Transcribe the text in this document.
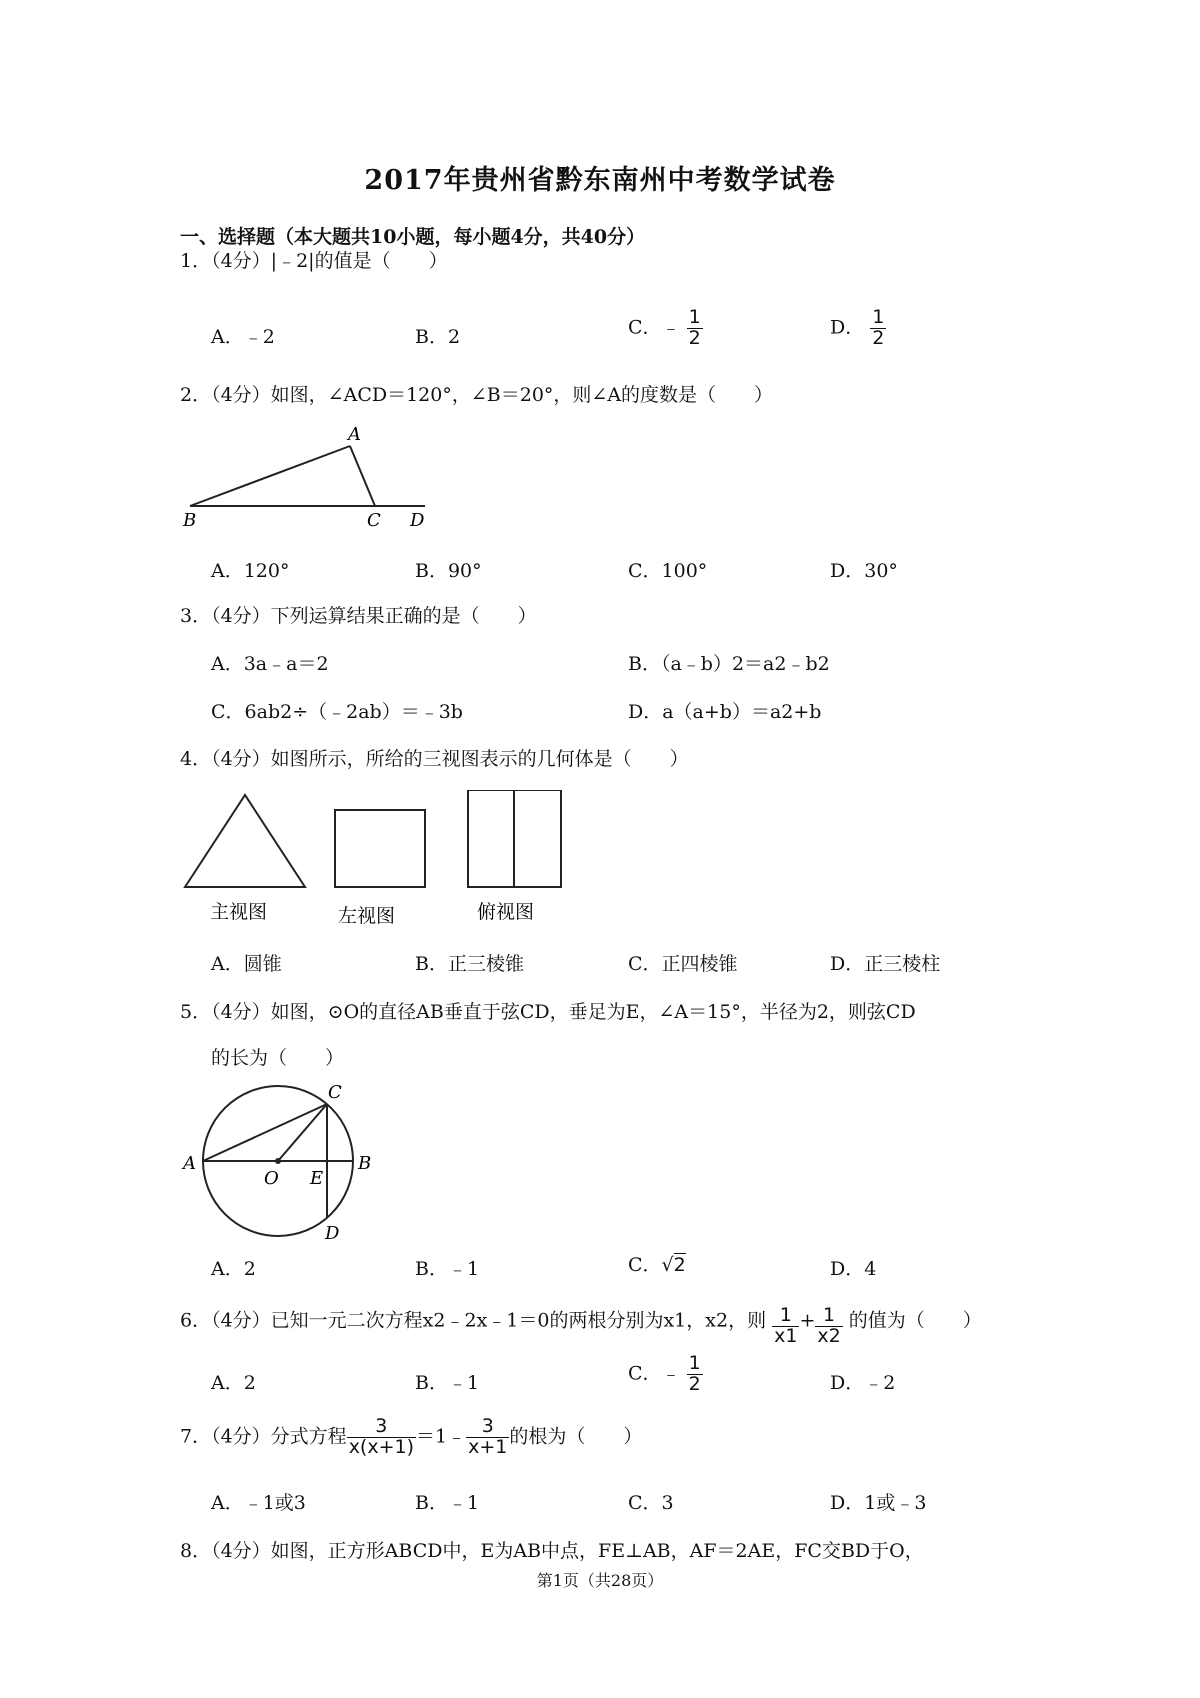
2017年贵州省黔东南州中考数学试卷
一、选择题（本大题共10小题，每小题4分，共40分）
1．（4分）|﹣2|的值是（　　）
A．﹣2	B．2	C．﹣ $\frac{1}{2}$	D． $\frac{1}{2}$
2．（4分）如图，∠ACD＝120°，∠B＝20°，则∠A的度数是（　　）
A
B	C D
A．120°	B．90°	C．100°	D．30°
3．（4分）下列运算结果正确的是（　　）
A．3a﹣a＝2	B．（a﹣b）2＝a2﹣b2
C．6ab2÷（﹣2ab）＝﹣3b	D．a（a+b）＝a2+b
4．（4分）如图所示，所给的三视图表示的几何体是（　　）
主视图	左视图	俯视图
A．圆锥	B．正三棱锥	C．正四棱锥	D．正三棱柱
5．（4分）如图，⊙O的直径AB垂直于弦CD，垂足为E，∠A＝15°，半径为2，则弦CD
的长为（　　）
C
A	B
O E
D
A．2	B．﹣1	C．√2	D．4
6．（4分）已知一元二次方程x2﹣2x﹣1＝0的两根分别为x1，x2，则 $\frac{1}{x1} + \frac{1}{x2}$ 的值为（　　）
A．2	B．﹣1	C．﹣ $\frac{1}{2}$	D．﹣2
7．（4分）分式方程 $\frac{3}{x(x+1)}$ ＝1﹣ $\frac{3}{x+1}$ 的根为（　　）
A．﹣1或3	B．﹣1	C．3	D．1或﹣3
8．（4分）如图，正方形ABCD中，E为AB中点，FE⊥AB，AF＝2AE，FC交BD于O，
第1页（共28页）
